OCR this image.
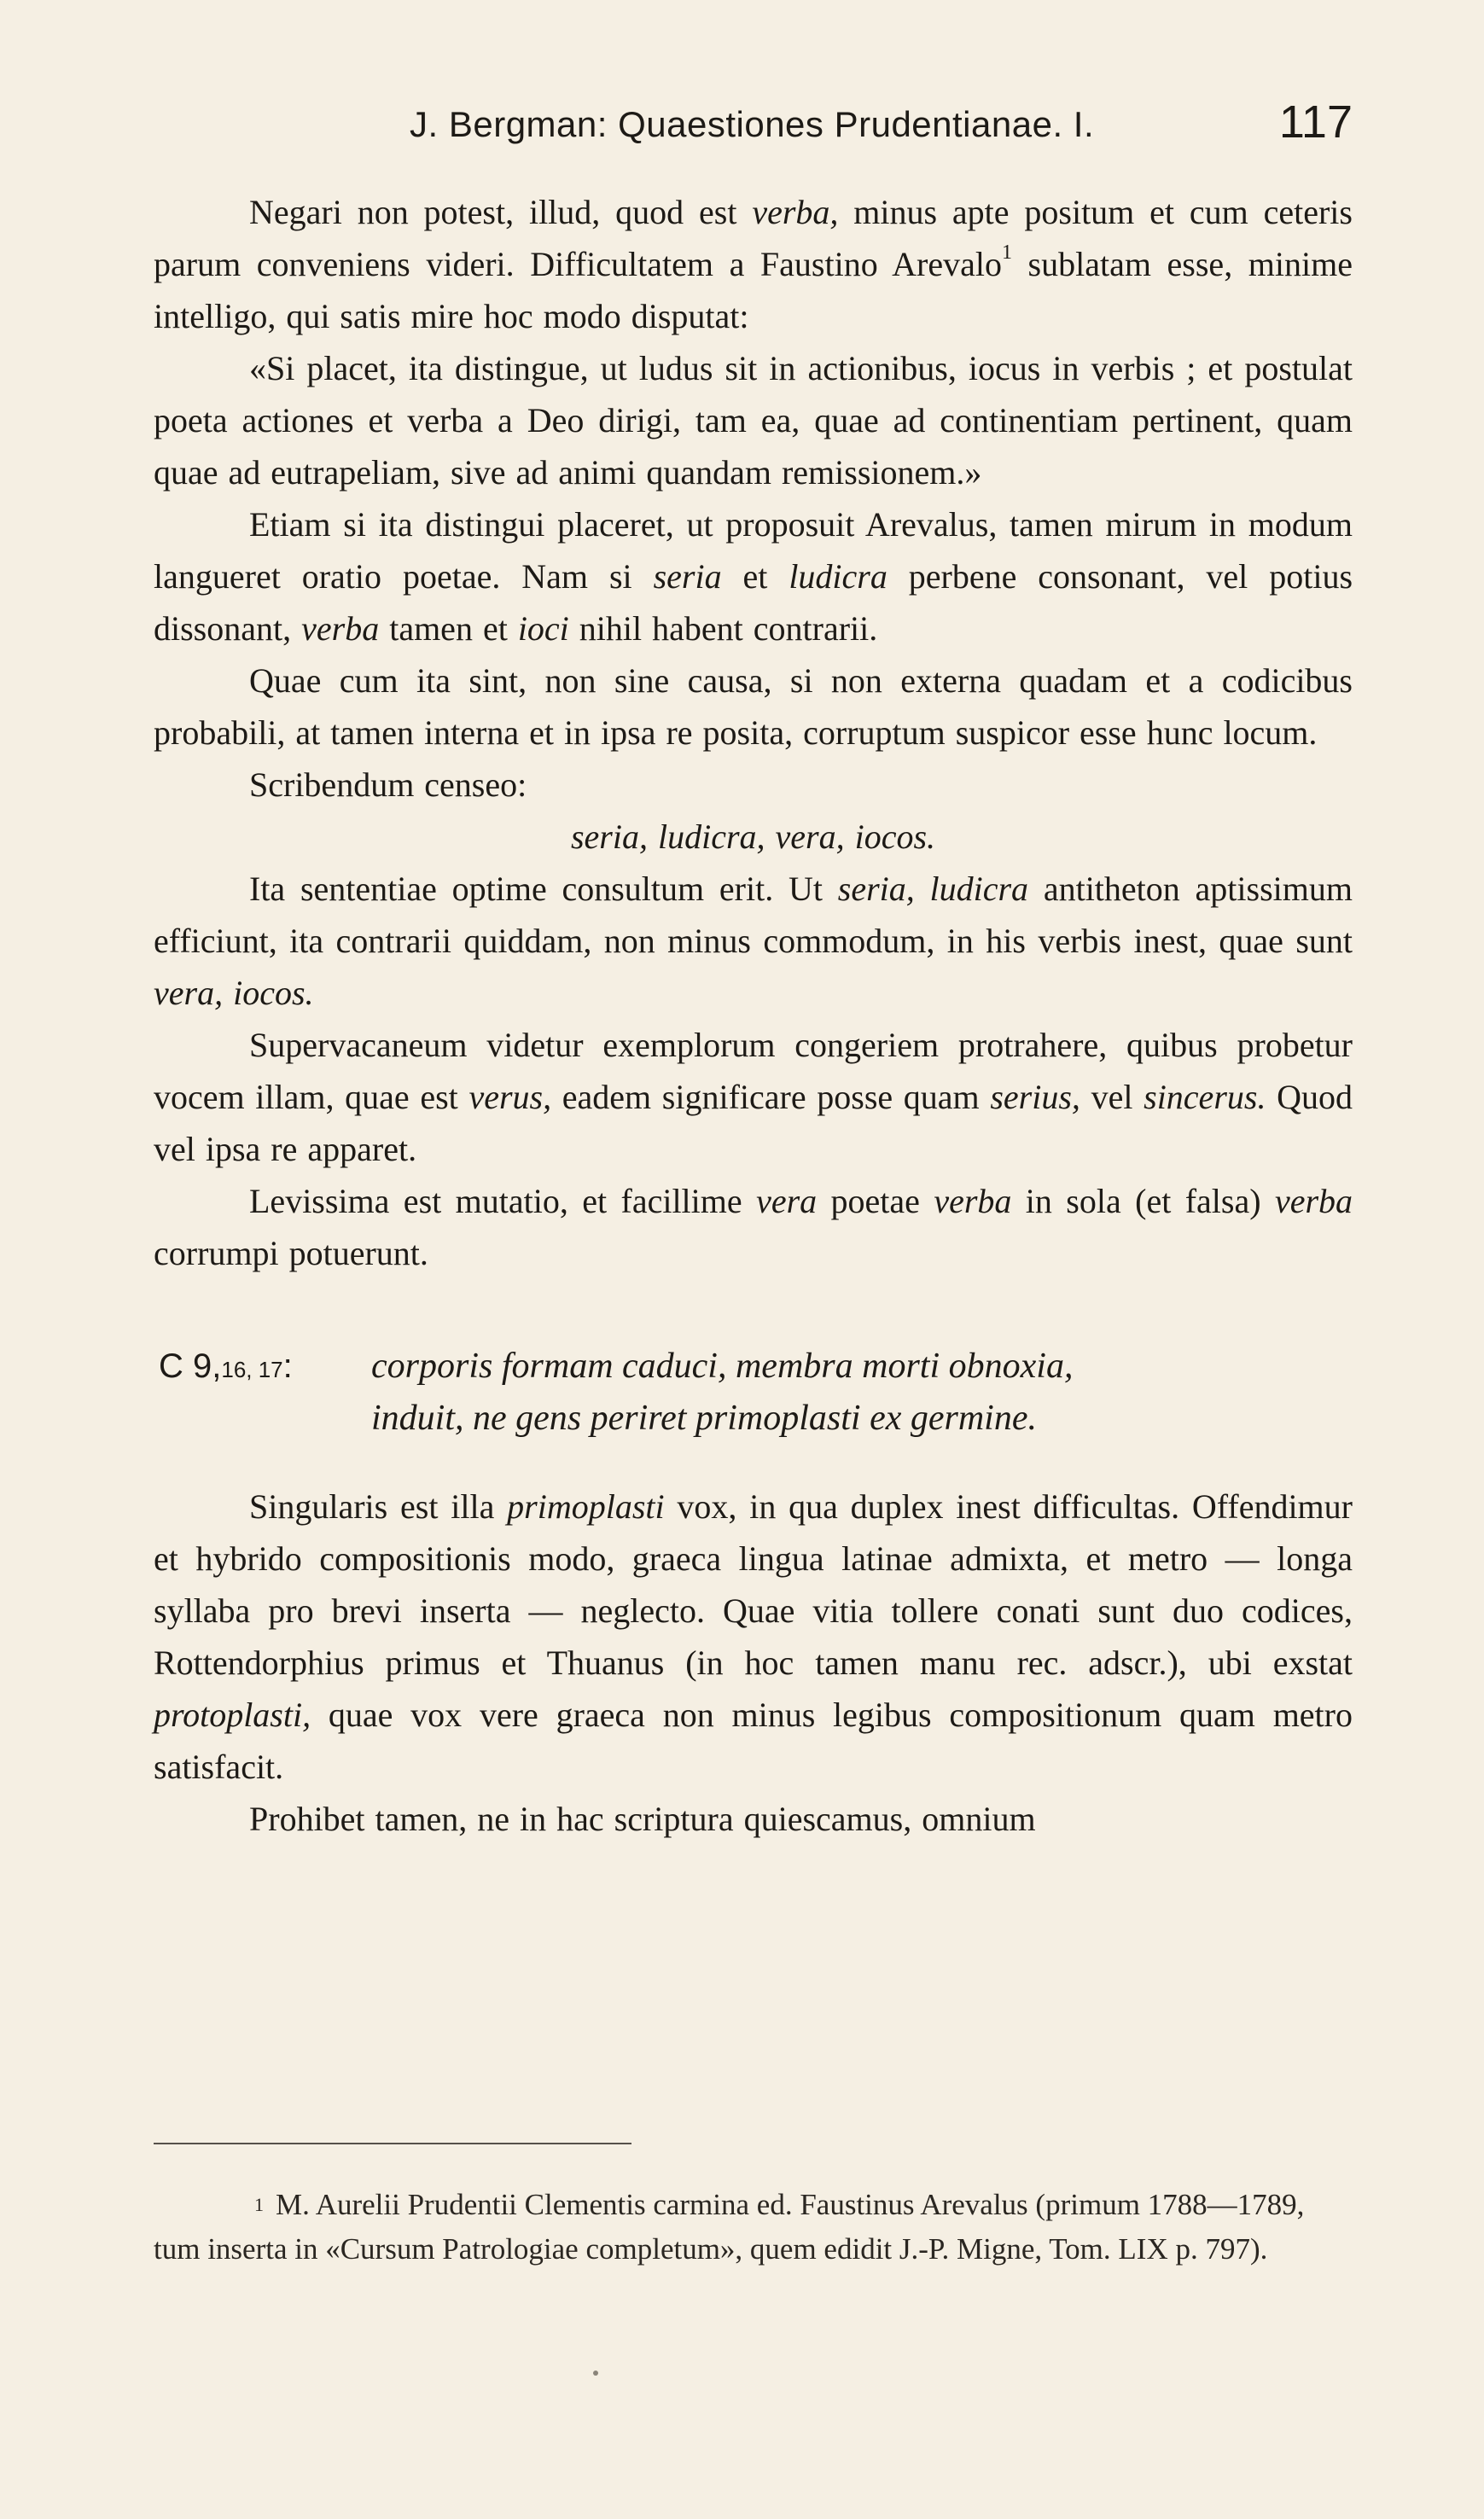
J. Bergman: Quaestiones Prudentianae. I.	117

Negari non potest, illud, quod est verba, minus apte positum et cum ceteris parum conveniens videri. Difficultatem a Faustino Arevalo$^1$ sublatam esse, minime intelligo, qui satis mire hoc modo disputat:

«Si placet, ita distingue, ut ludus sit in actionibus, iocus in verbis ; et postulat poeta actiones et verba a Deo dirigi, tam ea, quae ad continentiam pertinent, quam quae ad eutrapeliam, sive ad animi quandam remissionem.»

Etiam si ita distingui placeret, ut proposuit Arevalus, tamen mirum in modum langueret oratio poetae. Nam si seria et ludicra perbene consonant, vel potius dissonant, verba tamen et ioci nihil habent contrarii.

Quae cum ita sint, non sine causa, si non externa quadam et a codicibus probabili, at tamen interna et in ipsa re posita, corruptum suspicor esse hunc locum.

Scribendum censeo:

seria, ludicra, vera, iocos.

Ita sententiae optime consultum erit. Ut seria, ludicra antitheton aptissimum efficiunt, ita contrarii quiddam, non minus commodum, in his verbis inest, quae sunt vera, iocos.

Supervacaneum videtur exemplorum congeriem protrahere, quibus probetur vocem illam, quae est verus, eadem significare posse quam serius, vel sincerus. Quod vel ipsa re apparet.

Levissima est mutatio, et facillime vera poetae verba in sola (et falsa) verba corrumpi potuerunt.

C 9,16, 17: corporis formam caduci, membra morti obnoxia,
induit, ne gens periret primoplasti ex germine.

Singularis est illa primoplasti vox, in qua duplex inest difficultas. Offendimur et hybrido compositionis modo, graeca lingua latinae admixta, et metro — longa syllaba pro brevi inserta — neglecto. Quae vitia tollere conati sunt duo codices, Rottendorphius primus et Thuanus (in hoc tamen manu rec. adscr.), ubi exstat protoplasti, quae vox vere graeca non minus legibus compositionum quam metro satisfacit.

Prohibet tamen, ne in hac scriptura quiescamus, omnium

$^1$ M. Aurelii Prudentii Clementis carmina ed. Faustinus Arevalus (primum 1788—1789, tum inserta in «Cursum Patrologiae completum», quem edidit J.-P. Migne, Tom. LIX p. 797).
